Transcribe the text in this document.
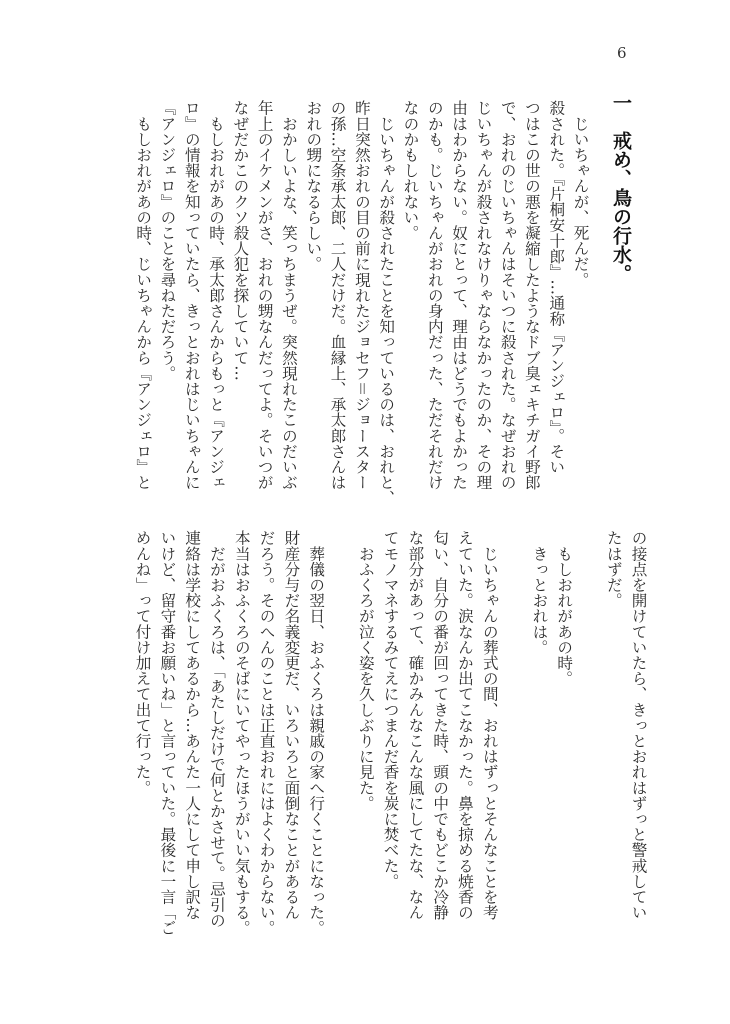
6
一　戒め、鳥の行水。
　じいちゃんが、死んだ。
殺された。『片桐安十郎』…通称『アンジェロ』。そい
つはこの世の悪を凝縮したようなドブ臭ェキチガイ野郎
で、おれのじいちゃんはそいつに殺された。なぜおれの
じいちゃんが殺されなけりゃならなかったのか、その理
由はわからない。奴にとって、理由はどうでもよかった
のかも。じいちゃんがおれの身内だった、ただそれだけ
なのかもしれない。
　じいちゃんが殺されたことを知っているのは、おれと、
昨日突然おれの目の前に現れたジョセフ＝ジョースター
の孫…空条承太郎、二人だけだ。血縁上、承太郎さんは
おれの甥になるらしい。
　おかしいよな、笑っちまうぜ。突然現れたこのだいぶ
年上のイケメンがさ、おれの甥なんだってよ。そいつが
なぜだかこのクソ殺人犯を探していて…
　もしおれがあの時、承太郎さんからもっと『アンジェ
ロ』の情報を知っていたら、きっとおれはじいちゃんに
『アンジェロ』のことを尋ねただろう。
　もしおれがあの時、じいちゃんから『アンジェロ』と
の接点を開けていたら、きっとおれはずっと警戒してい
たはずだ。
　もしおれがあの時。
　きっとおれは。
　じいちゃんの葬式の間、おれはずっとそんなことを考
えていた。涙なんか出てこなかった。鼻を掠める焼香の
匂い、自分の番が回ってきた時、頭の中でもどこか冷静
な部分があって、確かみんなこんな風にしてたな、なん
てモノマネするみてえにつまんだ香を炭に焚べた。
　おふくろが泣く姿を久しぶりに見た。
　葬儀の翌日、おふくろは親戚の家へ行くことになった。
財産分与だ名義変更だ、いろいろと面倒なことがあるん
だろう。そのへんのことは正直おれにはよくわからない。
本当はおふくろのそばにいてやったほうがいい気もする。
　だがおふくろは、「あたしだけで何とかさせて。忌引の
連絡は学校にしてあるから…あんた一人にして申し訳な
いけど、留守番お願いね」と言っていた。最後に一言「ご
めんね」って付け加えて出て行った。
